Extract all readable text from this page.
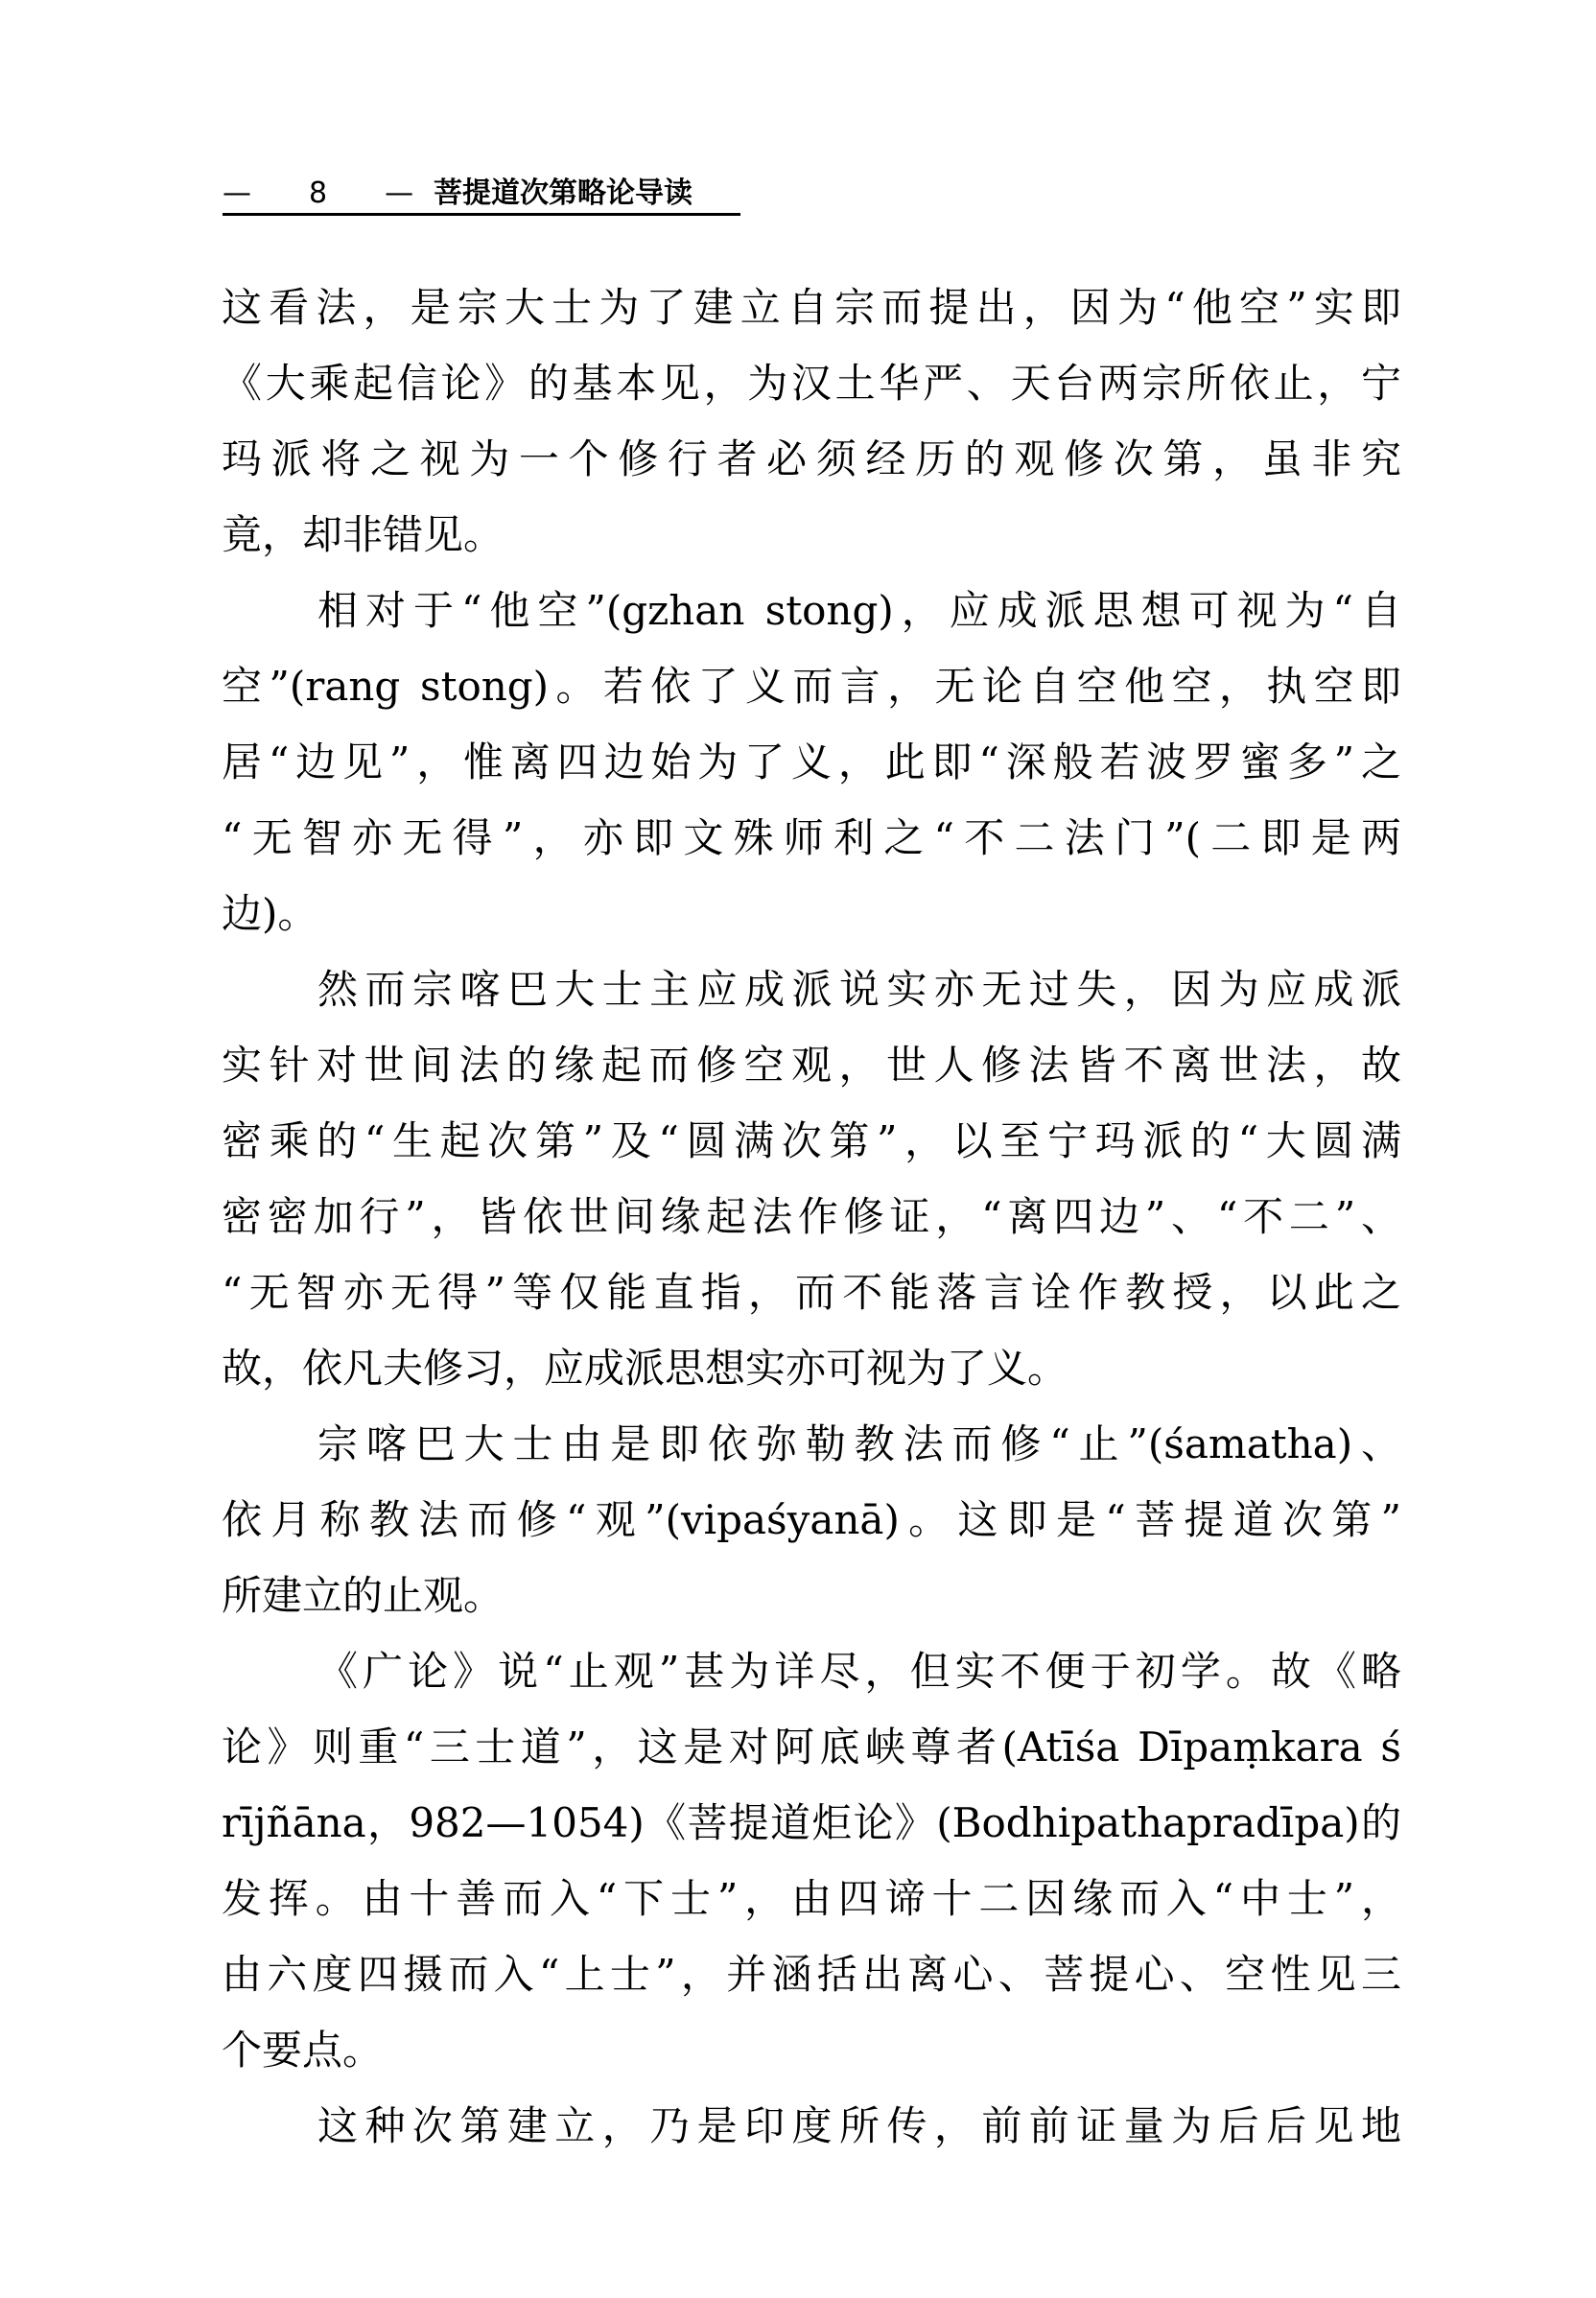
— 8 — 菩提道次第略论导读
这看法，是宗大士为了建立自宗而提出，因为“他空”实即
《大乘起信论》的基本见，为汉土华严、天台两宗所依止，宁
玛派将之视为一个修行者必须经历的观修次第，虽非究
竟，却非错见。
相对于“他空”(gzhan stong)，应成派思想可视为“自
空”(rang stong)。若依了义而言，无论自空他空，执空即
居“边见”，惟离四边始为了义，此即“深般若波罗蜜多”之
“无智亦无得”，亦即文殊师利之“不二法门”(二即是两
边)。
然而宗喀巴大士主应成派说实亦无过失，因为应成派
实针对世间法的缘起而修空观，世人修法皆不离世法，故
密乘的“生起次第”及“圆满次第”，以至宁玛派的“大圆满
密密加行”，皆依世间缘起法作修证，“离四边”、“不二”、
“无智亦无得”等仅能直指，而不能落言诠作教授，以此之
故，依凡夫修习，应成派思想实亦可视为了义。
宗喀巴大士由是即依弥勒教法而修“止”(śamatha)、
依月称教法而修“观”(vipaśyanā)。这即是“菩提道次第”
所建立的止观。
《广论》说“止观”甚为详尽，但实不便于初学。故《略
论》则重“三士道”，这是对阿底峡尊者(Atīśa Dīpaṃkara ś
rījñāna，982—1054)《菩提道炬论》(Bodhipathapradīpa)的
发挥。由十善而入“下士”，由四谛十二因缘而入“中士”，
由六度四摄而入“上士”，并涵括出离心、菩提心、空性见三
个要点。
这种次第建立，乃是印度所传，前前证量为后后见地
